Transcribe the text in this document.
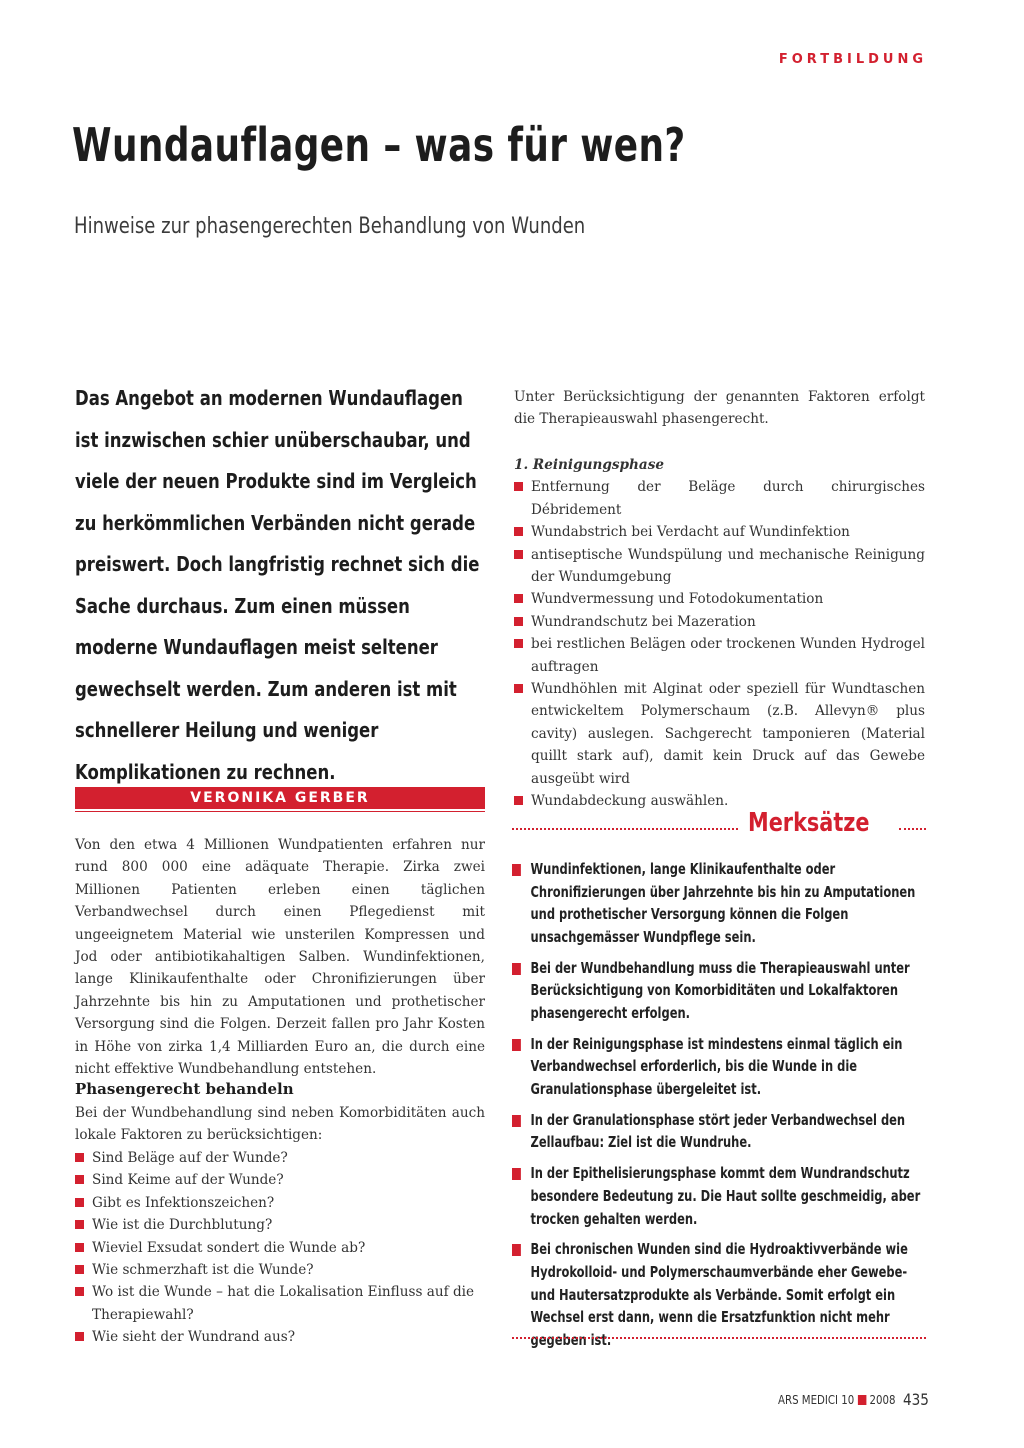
FORTBILDUNG
Wundauflagen – was für wen?
Hinweise zur phasengerechten Behandlung von Wunden

Das Angebot an modernen Wundauflagen ist inzwischen schier unüberschaubar, und viele der neuen Produkte sind im Vergleich zu herkömmlichen Verbänden nicht gerade preiswert. Doch langfristig rechnet sich die Sache durchaus. Zum einen müssen moderne Wundauflagen meist seltener gewechselt werden. Zum anderen ist mit schnellerer Heilung und weniger Komplikationen zu rechnen.

VERONIKA GERBER

Von den etwa 4 Millionen Wundpatienten erfahren nur rund 800 000 eine adäquate Therapie. Zirka zwei Millionen Patienten erleben einen täglichen Verbandwechsel durch einen Pflegedienst mit ungeeignetem Material wie unsterilen Kompressen und Jod oder antibiotikahaltigen Salben. Wundinfektionen, lange Klinikaufenthalte oder Chronifizierungen über Jahrzehnte bis hin zu Amputationen und prothetischer Versorgung sind die Folgen. Derzeit fallen pro Jahr Kosten in Höhe von zirka 1,4 Milliarden Euro an, die durch eine nicht effektive Wundbehandlung entstehen.

Phasengerecht behandeln

Bei der Wundbehandlung sind neben Komorbiditäten auch lokale Faktoren zu berücksichtigen:

Sind Beläge auf der Wunde?
Sind Keime auf der Wunde?
Gibt es Infektionszeichen?
Wie ist die Durchblutung?
Wieviel Exsudat sondert die Wunde ab?
Wie schmerzhaft ist die Wunde?
Wo ist die Wunde – hat die Lokalisation Einfluss auf die Therapiewahl?
Wie sieht der Wundrand aus?

Unter Berücksichtigung der genannten Faktoren erfolgt die Therapieauswahl phasengerecht.

1. Reinigungsphase
Entfernung der Beläge durch chirurgisches Débridement
Wundabstrich bei Verdacht auf Wundinfektion
antiseptische Wundspülung und mechanische Reinigung der Wundumgebung
Wundvermessung und Fotodokumentation
Wundrandschutz bei Mazeration
bei restlichen Belägen oder trockenen Wunden Hydrogel auftragen
Wundhöhlen mit Alginat oder speziell für Wundtaschen entwickeltem Polymerschaum (z.B. Allevyn® plus cavity) auslegen. Sachgerecht tamponieren (Material quillt stark auf), damit kein Druck auf das Gewebe ausgeübt wird
Wundabdeckung auswählen.
Merksätze
Wundinfektionen, lange Klinikaufenthalte oder Chronifizierungen über Jahrzehnte bis hin zu Amputationen und prothetischer Versorgung können die Folgen unsachgemässer Wundpflege sein.
Bei der Wundbehandlung muss die Therapieauswahl unter Berücksichtigung von Komorbiditäten und Lokalfaktoren phasengerecht erfolgen.
In der Reinigungsphase ist mindestens einmal täglich ein Verbandwechsel erforderlich, bis die Wunde in die Granulationsphase übergeleitet ist.
In der Granulationsphase stört jeder Verbandwechsel den Zellaufbau: Ziel ist die Wundruhe.
In der Epithelisierungsphase kommt dem Wundrandschutz besondere Bedeutung zu. Die Haut sollte geschmeidig, aber trocken gehalten werden.
Bei chronischen Wunden sind die Hydroaktivverbände wie Hydrokolloid- und Polymerschaumverbände eher Gewebe- und Hautersatzprodukte als Verbände. Somit erfolgt ein Wechsel erst dann, wenn die Ersatzfunktion nicht mehr gegeben ist.
ARS MEDICI 10 2008 435
